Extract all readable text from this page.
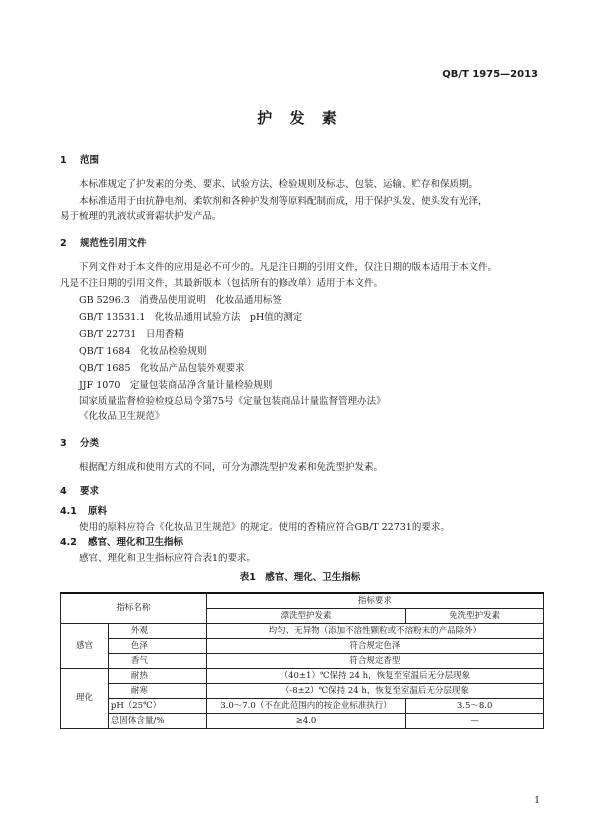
QB/T 1975—2013
护 发 素
1 范围
本标准规定了护发素的分类、要求、试验方法、检验规则及标志、包装、运输、贮存和保质期。
本标准适用于由抗静电剂、柔软剂和各种护发剂等原料配制而成，用于保护头发、使头发有光泽，
易于梳理的乳液状或膏霜状护发产品。
2 规范性引用文件
下列文件对于本文件的应用是必不可少的。凡是注日期的引用文件，仅注日期的版本适用于本文件。
凡是不注日期的引用文件，其最新版本（包括所有的修改单）适用于本文件。
GB 5296.3　消费品使用说明　化妆品通用标签
GB/T 13531.1　化妆品通用试验方法　pH值的测定
GB/T 22731　日用香精
QB/T 1684　化妆品检验规则
QB/T 1685　化妆品产品包装外观要求
JJF 1070　定量包装商品净含量计量检验规则
国家质量监督检验检疫总局令第75号《定量包装商品计量监督管理办法》
《化妆品卫生规范》
3 分类
根据配方组成和使用方式的不同，可分为漂洗型护发素和免洗型护发素。
4 要求
4.1 原料
使用的原料应符合《化妆品卫生规范》的规定。使用的香精应符合GB/T 22731的要求。
4.2 感官、理化和卫生指标
感官、理化和卫生指标应符合表1的要求。
表1　感官、理化、卫生指标
指标名称		指标要求	
		漂洗型护发素	免洗型护发素
感官	外观	均匀、无异物（添加不溶性颗粒或不溶粉末的产品除外）	
	色泽	符合规定色泽	
	香气	符合规定香型	
理化	耐热	（40±1）℃保持 24 h，恢复至室温后无分层现象	
	耐寒	（-8±2）℃保持 24 h，恢复至室温后无分层现象	
	pH（25℃）	3.0～7.0（不在此范围内的按企业标准执行）	3.5～8.0
	总固体含量/%	≥4.0	—
1
